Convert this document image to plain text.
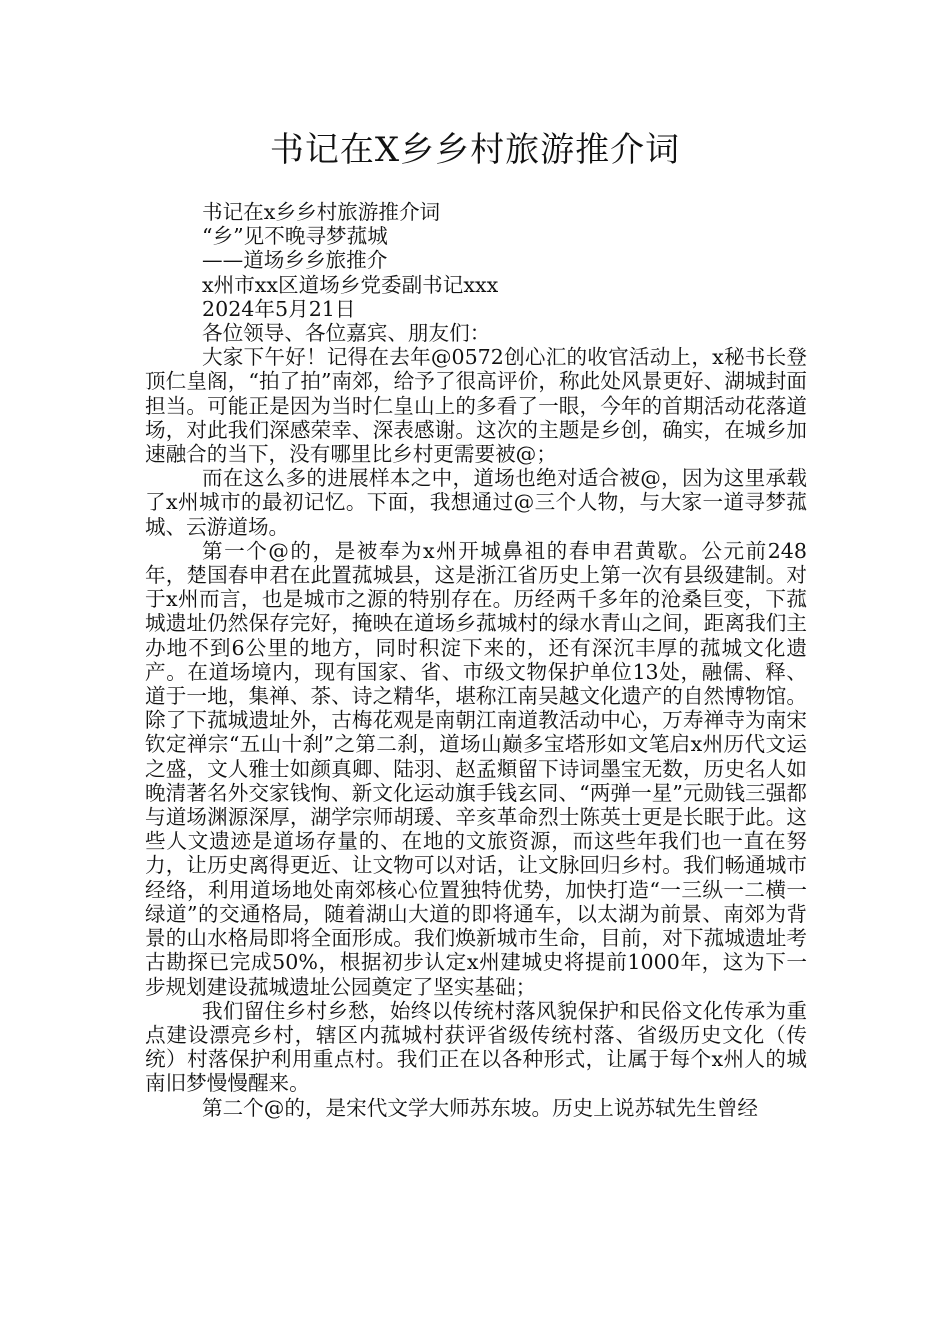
书记在X乡乡村旅游推介词

书记在x乡乡村旅游推介词

“乡”见不晚寻梦菰城

——道场乡乡旅推介

x州市xx区道场乡党委副书记xxx

2024年5月21日

各位领导、各位嘉宾、朋友们：

大家下午好！记得在去年@0572创心汇的收官活动上，x秘书长登顶仁皇阁，“拍了拍”南郊，给予了很高评价，称此处风景更好、湖城封面担当。可能正是因为当时仁皇山上的多看了一眼，今年的首期活动花落道场，对此我们深感荣幸、深表感谢。这次的主题是乡创，确实，在城乡加速融合的当下，没有哪里比乡村更需要被@；

而在这么多的进展样本之中，道场也绝对适合被@，因为这里承载了x州城市的最初记忆。下面，我想通过@三个人物，与大家一道寻梦菰城、云游道场。

第一个@的，是被奉为x州开城鼻祖的春申君黄歇。公元前248年，楚国春申君在此置菰城县，这是浙江省历史上第一次有县级建制。对于x州而言，也是城市之源的特别存在。历经两千多年的沧桑巨变，下菰城遗址仍然保存完好，掩映在道场乡菰城村的绿水青山之间，距离我们主办地不到6公里的地方，同时积淀下来的，还有深沉丰厚的菰城文化遗产。在道场境内，现有国家、省、市级文物保护单位13处，融儒、释、道于一地，集禅、茶、诗之精华，堪称江南吴越文化遗产的自然博物馆。除了下菰城遗址外，古梅花观是南朝江南道教活动中心，万寿禅寺为南宋钦定禅宗“五山十刹”之第二刹，道场山巅多宝塔形如文笔启x州历代文运之盛，文人雅士如颜真卿、陆羽、赵孟頫留下诗词墨宝无数，历史名人如晚清著名外交家钱恂、新文化运动旗手钱玄同、“两弹一星”元勋钱三强都与道场渊源深厚，湖学宗师胡瑗、辛亥革命烈士陈英士更是长眠于此。这些人文遗迹是道场存量的、在地的文旅资源，而这些年我们也一直在努力，让历史离得更近、让文物可以对话，让文脉回归乡村。我们畅通城市经络，利用道场地处南郊核心位置独特优势，加快打造“一三纵一二横一绿道”的交通格局，随着湖山大道的即将通车，以太湖为前景、南郊为背景的山水格局即将全面形成。我们焕新城市生命，目前，对下菰城遗址考古勘探已完成50%，根据初步认定x州建城史将提前1000年，这为下一步规划建设菰城遗址公园奠定了坚实基础；

我们留住乡村乡愁，始终以传统村落风貌保护和民俗文化传承为重点建设漂亮乡村，辖区内菰城村获评省级传统村落、省级历史文化（传统）村落保护利用重点村。我们正在以各种形式，让属于每个x州人的城南旧梦慢慢醒来。

第二个@的，是宋代文学大师苏东坡。历史上说苏轼先生曾经
